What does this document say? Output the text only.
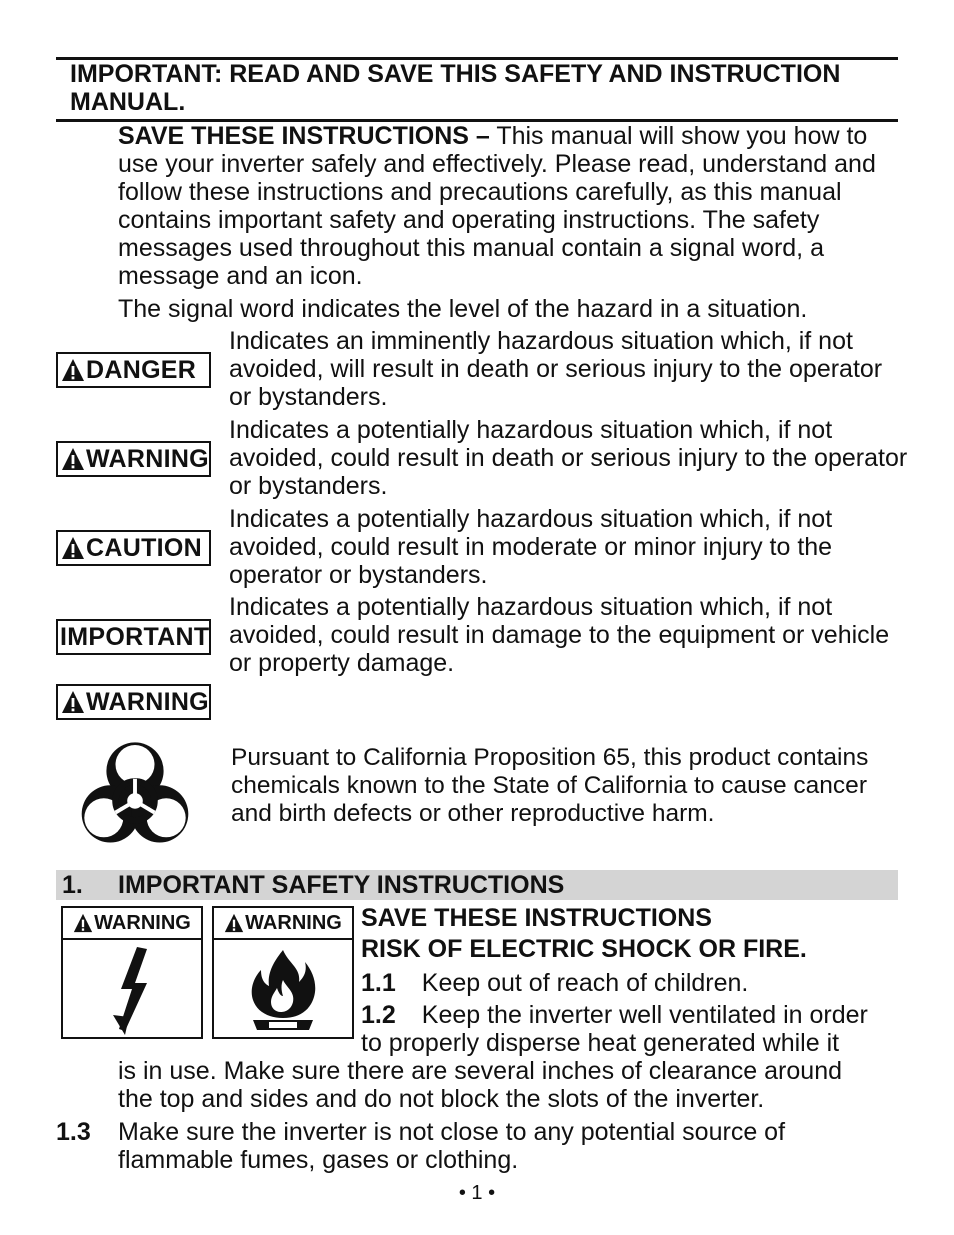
IMPORTANT: READ AND SAVE THIS SAFETY AND INSTRUCTION MANUAL.
SAVE THESE INSTRUCTIONS – This manual will show you how to use your inverter safely and effectively. Please read, understand and follow these instructions and precautions carefully, as this manual contains important safety and operating instructions. The safety messages used throughout this manual contain a signal word, a message and an icon.
The signal word indicates the level of the hazard in a situation.
DANGER
Indicates an imminently hazardous situation which, if not avoided, will result in death or serious injury to the operator or bystanders.
WARNING
Indicates a potentially hazardous situation which, if not avoided, could result in death or serious injury to the operator or bystanders.
CAUTION
Indicates a potentially hazardous situation which, if not avoided, could result in moderate or minor injury to the operator or bystanders.
IMPORTANT
Indicates a potentially hazardous situation which, if not avoided, could result in damage to the equipment or vehicle or property damage.
WARNING
Pursuant to California Proposition 65, this product contains chemicals known to the State of California to cause cancer and birth defects or other reproductive harm.
1. IMPORTANT SAFETY INSTRUCTIONS
WARNING	WARNING SAVE THESE INSTRUCTIONS
RISK OF ELECTRIC SHOCK OR FIRE.
1.1 Keep out of reach of children.
1.2 Keep the inverter well ventilated in order
to properly disperse heat generated while it
is in use. Make sure there are several inches of clearance around
the top and sides and do not block the slots of the inverter.
1.3 Make sure the inverter is not close to any potential source of
flammable fumes, gases or clothing.
• 1 •
